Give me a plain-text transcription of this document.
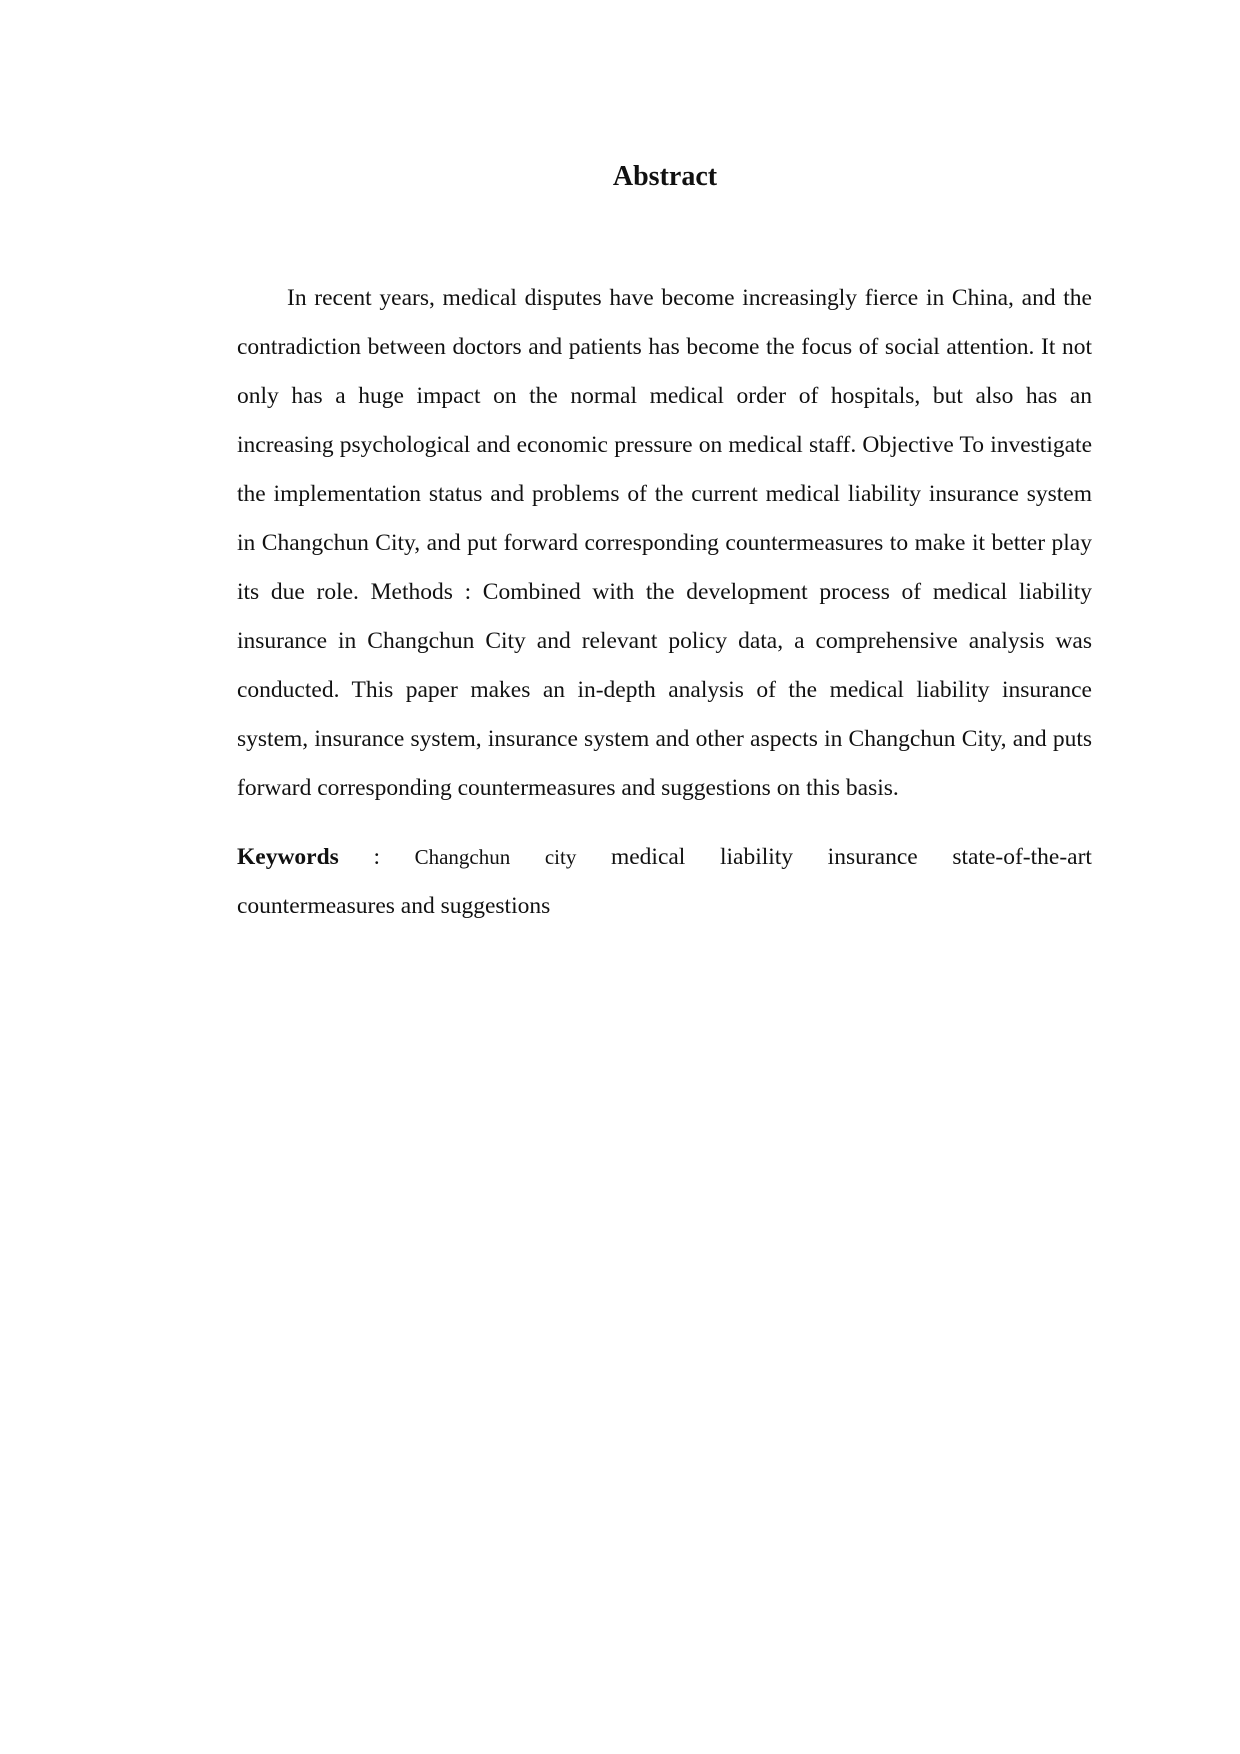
Abstract

In recent years, medical disputes have become increasingly fierce in China, and the contradiction between doctors and patients has become the focus of social attention. It not only has a huge impact on the normal medical order of hospitals, but also has an increasing psychological and economic pressure on medical staff. Objective To investigate the implementation status and problems of the current medical liability insurance system in Changchun City, and put forward corresponding countermeasures to make it better play its due role. Methods : Combined with the development process of medical liability insurance in Changchun City and relevant policy data, a comprehensive analysis was conducted. This paper makes an in-depth analysis of the medical liability insurance system, insurance system, insurance system and other aspects in Changchun City, and puts forward corresponding countermeasures and suggestions on this basis.

Keywords : Changchun city medical liability insurance state-of-the-art
countermeasures and suggestions
